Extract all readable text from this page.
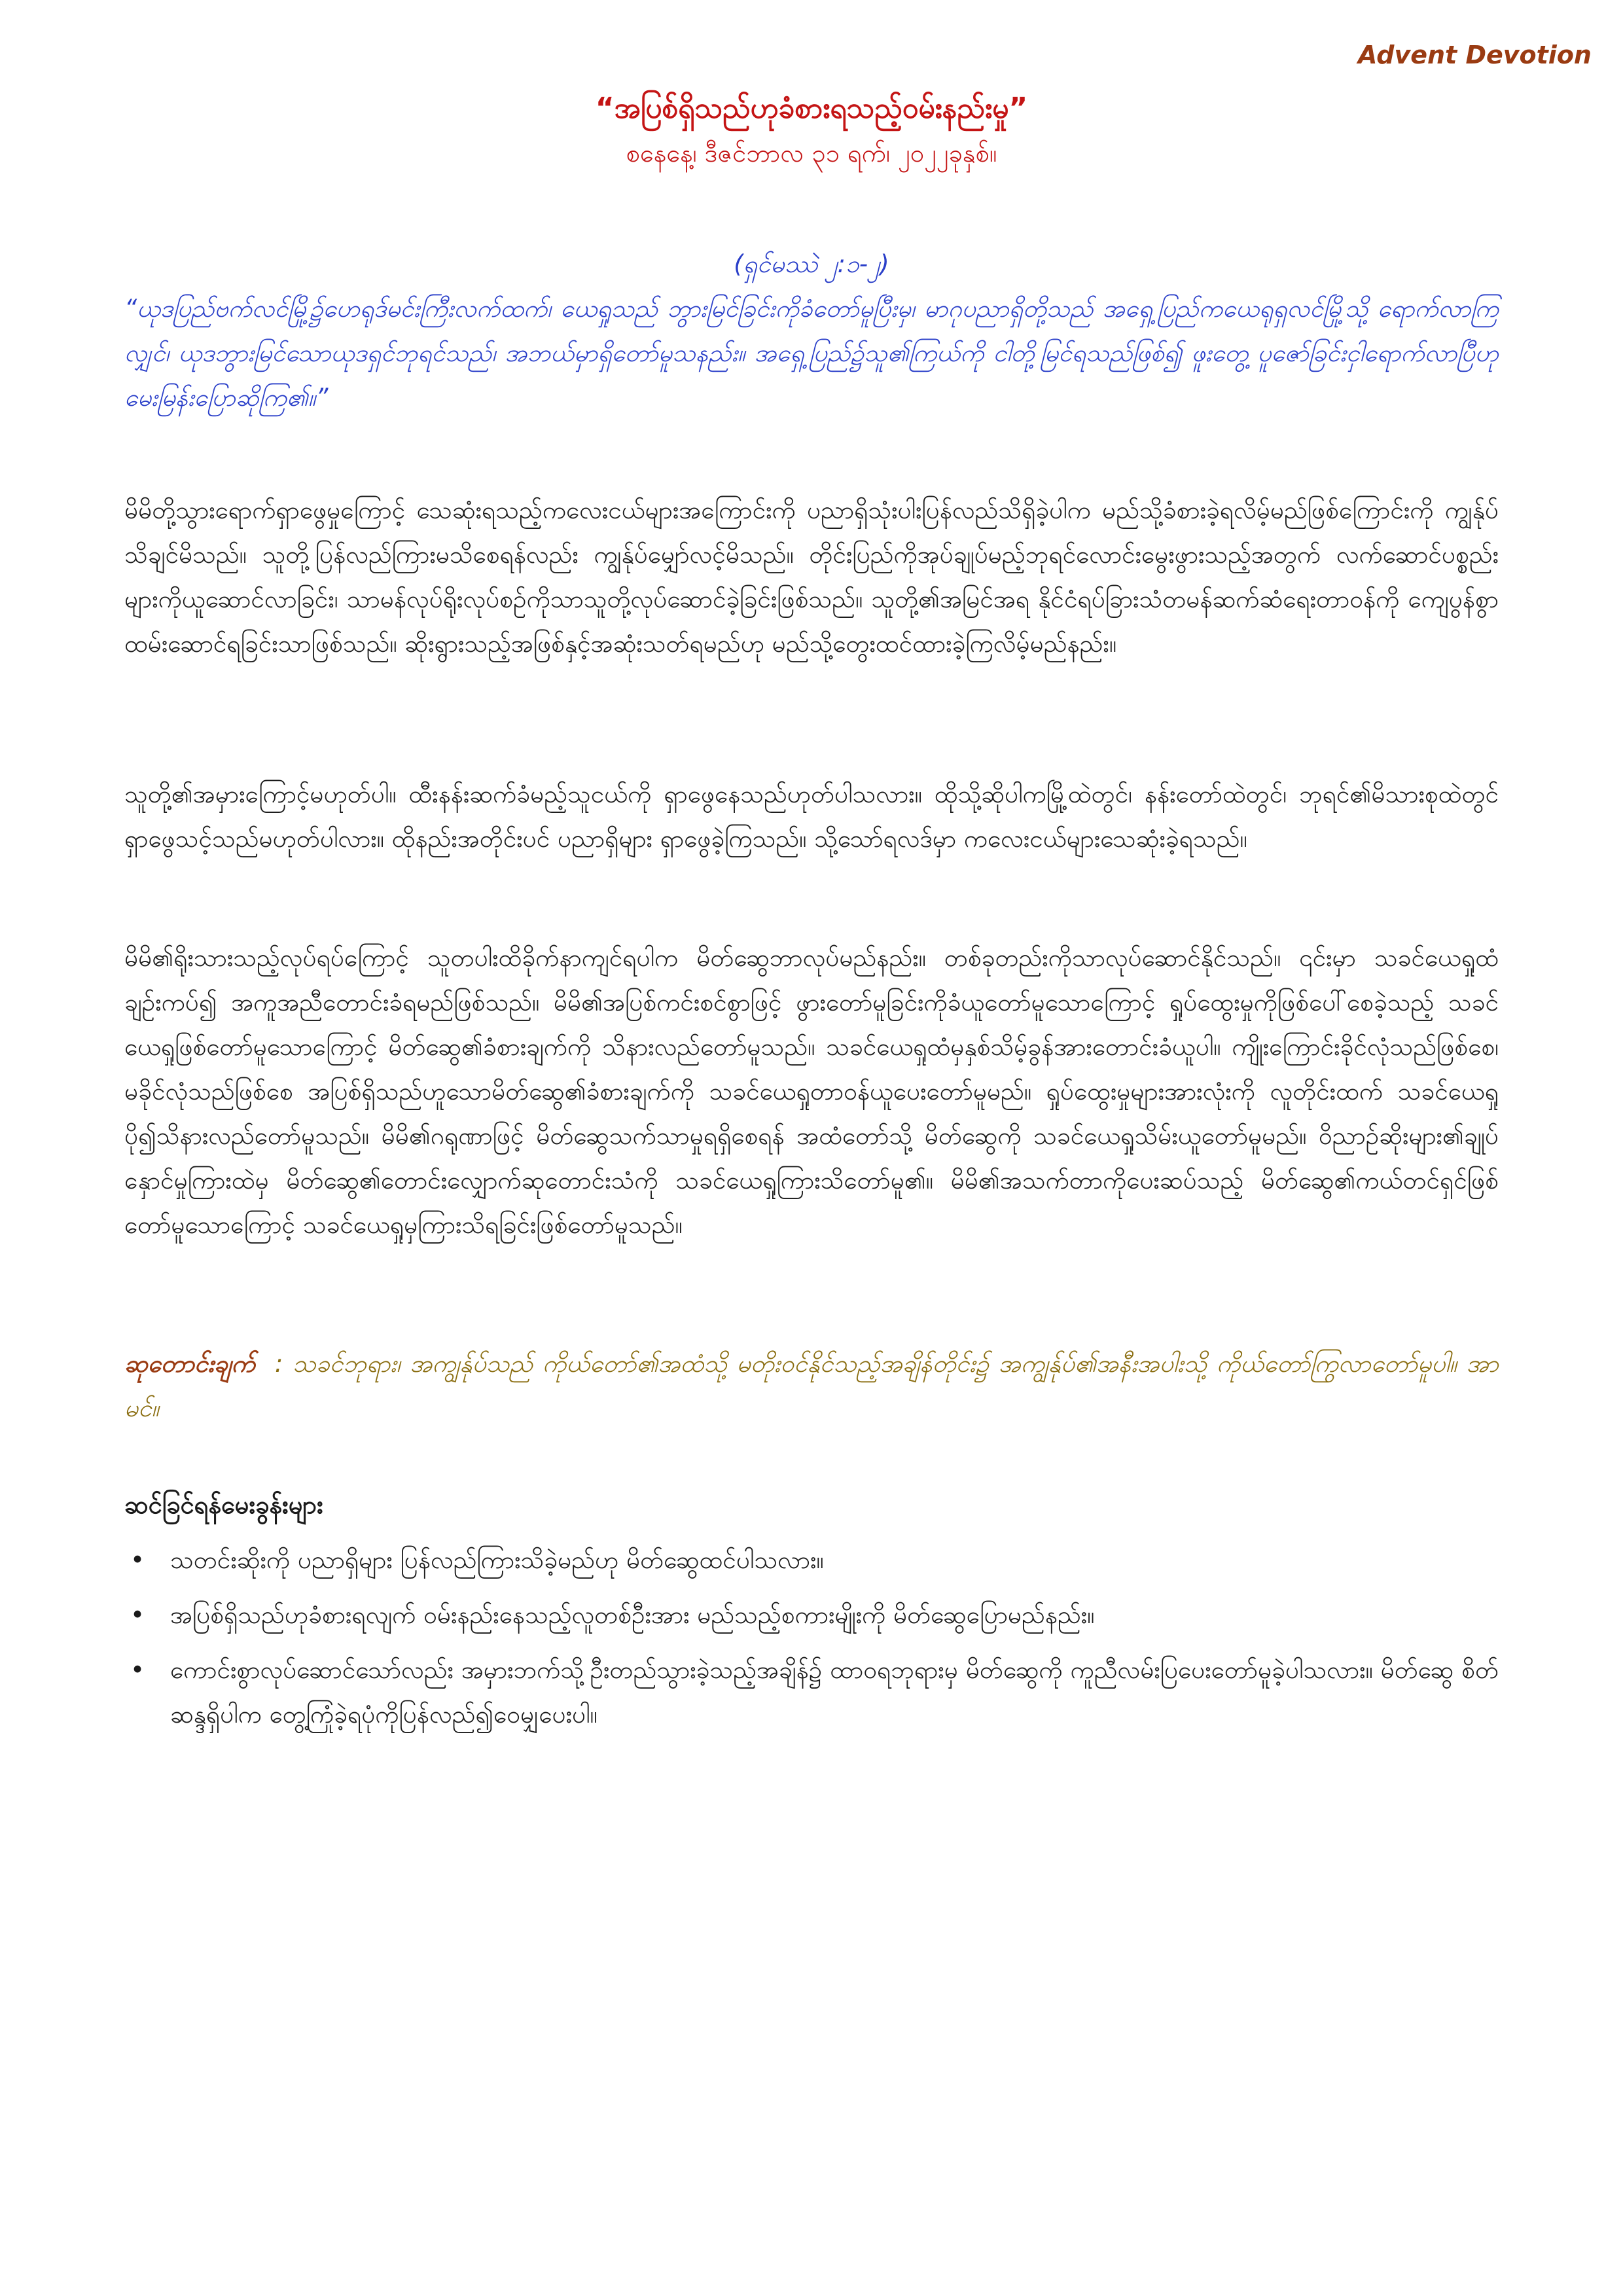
Advent Devotion
“အပြစ်ရှိသည်ဟုခံစားရသည့်ဝမ်းနည်းမှု”
စနေနေ့၊ ဒီဇင်ဘာလ ၃၁ ရက်၊ ၂၀၂၂ခုနှစ်။
(ရှင်မဿဲ ၂:၁-၂)
“ယုဒပြည်ဗက်လင်မြို့၌ဟေရုဒ်မင်းကြီးလက်ထက်၊ ယေရှုသည် ဘွားမြင်ခြင်းကိုခံတော်မူပြီးမှ၊ မာဂုပညာရှိတို့သည် အရှေ့ပြည်ကယေရုရှလင်မြို့သို့ ရောက်လာကြလျှင်၊ ယုဒဘွားမြင်သောယုဒရှင်ဘုရင်သည်၊ အဘယ်မှာရှိတော်မူသနည်း။ အရှေ့ပြည်၌သူ၏ကြယ်ကို ငါတို့မြင်ရသည်ဖြစ်၍ ဖူးတွေ့ ပူဇော်ခြင်းငှါရောက်လာပြီဟုမေးမြန်းပြောဆိုကြ၏။”
မိမိတို့သွားရောက်ရှာဖွေမှုကြောင့် သေဆုံးရသည့်ကလေးငယ်များအကြောင်းကို ပညာရှိသုံးပါးပြန်လည်သိရှိခဲ့ပါက မည်သို့ခံစားခဲ့ရလိမ့်မည်ဖြစ်ကြောင်းကို ကျွန်ုပ်သိချင်မိသည်။ သူတို့ပြန်လည်ကြားမသိစေရန်လည်း ကျွန်ုပ်မျှော်လင့်မိသည်။ တိုင်းပြည်ကိုအုပ်ချုပ်မည့်ဘုရင်လောင်းမွေးဖွားသည့်အတွက် လက်ဆောင်ပစ္စည်းများကိုယူဆောင်လာခြင်း၊ သာမန်လုပ်ရိုးလုပ်စဉ်ကိုသာသူတို့လုပ်ဆောင်ခဲ့ခြင်းဖြစ်သည်။ သူတို့၏အမြင်အရ နိုင်ငံရပ်ခြားသံတမန်ဆက်ဆံရေးတာဝန်ကို ကျေပွန်စွာထမ်းဆောင်ရခြင်းသာဖြစ်သည်။ ဆိုးရွားသည့်အဖြစ်နှင့်အဆုံးသတ်ရမည်ဟု မည်သို့တွေးထင်ထားခဲ့ကြလိမ့်မည်နည်း။
သူတို့၏အမှားကြောင့်မဟုတ်ပါ။ ထီးနန်းဆက်ခံမည့်သူငယ်ကို ရှာဖွေနေသည်ဟုတ်ပါသလား။ ထိုသို့ဆိုပါကမြို့ထဲတွင်၊ နန်းတော်ထဲတွင်၊ ဘုရင်၏မိသားစုထဲတွင် ရှာဖွေသင့်သည်မဟုတ်ပါလား။ ထိုနည်းအတိုင်းပင် ပညာရှိများ ရှာဖွေခဲ့ကြသည်။ သို့သော်ရလဒ်မှာ ကလေးငယ်များသေဆုံးခဲ့ရသည်။
မိမိ၏ရိုးသားသည့်လုပ်ရပ်ကြောင့် သူတပါးထိခိုက်နာကျင်ရပါက မိတ်ဆွေဘာလုပ်မည်နည်း။ တစ်ခုတည်းကိုသာလုပ်ဆောင်နိုင်သည်။ ၎င်းမှာ သခင်ယေရှုထံချဉ်းကပ်၍ အကူအညီတောင်းခံရမည်ဖြစ်သည်။ မိမိ၏အပြစ်ကင်းစင်စွာဖြင့် ဖွားတော်မူခြင်းကိုခံယူတော်မူသောကြောင့် ရှုပ်ထွေးမှုကိုဖြစ်ပေါ်စေခဲ့သည့် သခင်ယေရှုဖြစ်တော်မူသောကြောင့် မိတ်ဆွေ၏ခံစားချက်ကို သိနားလည်တော်မူသည်။ သခင်ယေရှုထံမှနှစ်သိမ့်ခွန်အားတောင်းခံယူပါ။ ကျိုးကြောင်းခိုင်လုံသည်ဖြစ်စေ၊ မခိုင်လုံသည်ဖြစ်စေ အပြစ်ရှိသည်ဟူသောမိတ်ဆွေ၏ခံစားချက်ကို သခင်ယေရှုတာဝန်ယူပေးတော်မူမည်။ ရှုပ်ထွေးမှုများအားလုံးကို လူတိုင်းထက် သခင်ယေရှုပို၍သိနားလည်တော်မူသည်။ မိမိ၏ဂရုဏာဖြင့် မိတ်ဆွေသက်သာမှုရရှိစေရန် အထံတော်သို့ မိတ်ဆွေကို သခင်ယေရှုသိမ်းယူတော်မူမည်။ ဝိညာဉ်ဆိုးများ၏ချုပ်နှောင်မှုကြားထဲမှ မိတ်ဆွေ၏တောင်းလျှောက်ဆုတောင်းသံကို သခင်ယေရှုကြားသိတော်မူ၏။ မိမိ၏အသက်တာကိုပေးဆပ်သည့် မိတ်ဆွေ၏ကယ်တင်ရှင်ဖြစ်တော်မူသောကြောင့် သခင်ယေရှုမှကြားသိရခြင်းဖြစ်တော်မူသည်။
ဆုတောင်းချက် : သခင်ဘုရား၊ အကျွန်ုပ်သည် ကိုယ်တော်၏အထံသို့ မတိုးဝင်နိုင်သည့်အချိန်တိုင်း၌ အကျွန်ုပ်၏အနီးအပါးသို့ ကိုယ်တော်ကြွလာတော်မူပါ။ အာမင်။
ဆင်ခြင်ရန်မေးခွန်းများ
• သတင်းဆိုးကို ပညာရှိများ ပြန်လည်ကြားသိခဲ့မည်ဟု မိတ်ဆွေထင်ပါသလား။
• အပြစ်ရှိသည်ဟုခံစားရလျက် ဝမ်းနည်းနေသည့်လူတစ်ဦးအား မည်သည့်စကားမျိုးကို မိတ်ဆွေပြောမည်နည်း။
• ကောင်းစွာလုပ်ဆောင်သော်လည်း အမှားဘက်သို့ဦးတည်သွားခဲ့သည့်အချိန်၌ ထာဝရဘုရားမှ မိတ်ဆွေကို ကူညီလမ်းပြပေးတော်မူခဲ့ပါသလား။ မိတ်ဆွေ စိတ်ဆန္ဒရှိပါက တွေ့ကြုံခဲ့ရပုံကိုပြန်လည်၍ဝေမျှပေးပါ။
